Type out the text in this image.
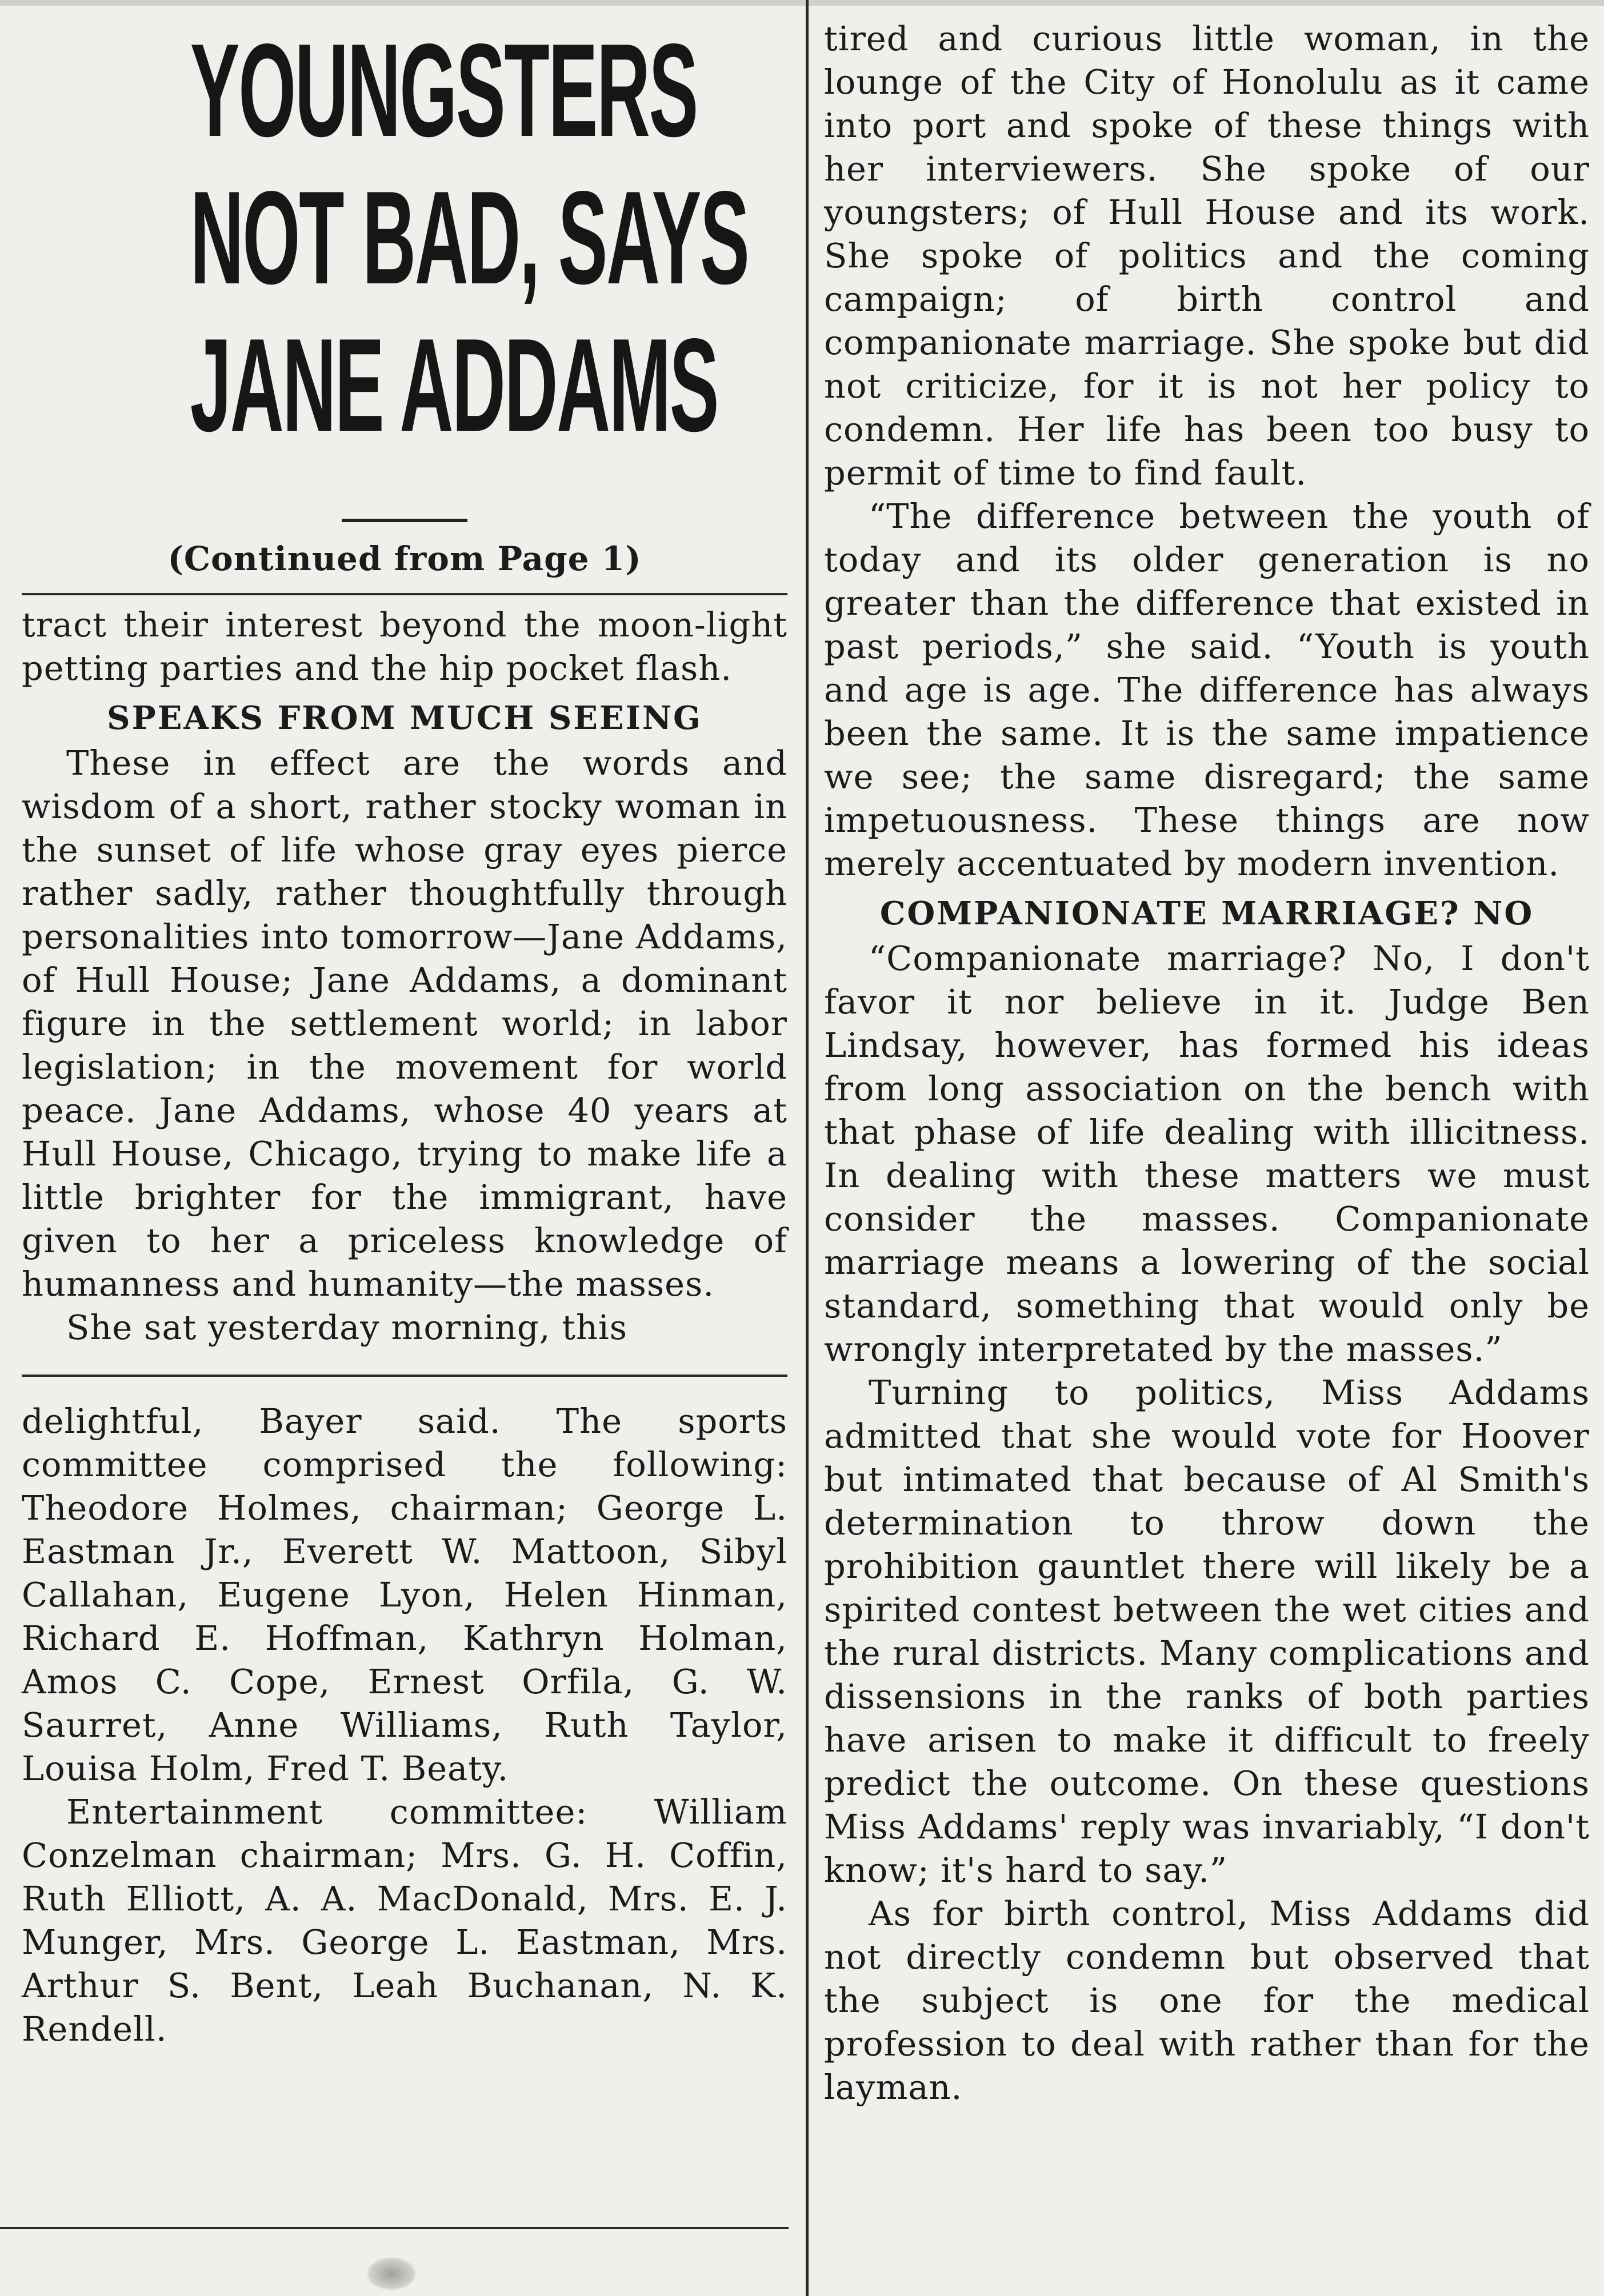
YOUNGSTERS
NOT BAD, SAYS
JANE ADDAMS
(Continued from Page 1)

tract their interest beyond the moon-light petting parties and the hip pocket flash.

SPEAKS FROM MUCH SEEING

These in effect are the words and wisdom of a short, rather stocky woman in the sunset of life whose gray eyes pierce rather sadly, rather thoughtfully through personalities into tomorrow—Jane Addams, of Hull House; Jane Addams, a dominant figure in the settlement world; in labor legislation; in the movement for world peace. Jane Addams, whose 40 years at Hull House, Chicago, trying to make life a little brighter for the immigrant, have given to her a priceless knowledge of humanness and humanity—the masses.

She sat yesterday morning, this

delightful, Bayer said. The sports committee comprised the following: Theodore Holmes, chairman; George L. Eastman Jr., Everett W. Mattoon, Sibyl Callahan, Eugene Lyon, Helen Hinman, Richard E. Hoffman, Kathryn Holman, Amos C. Cope, Ernest Orfila, G. W. Saurret, Anne Williams, Ruth Taylor, Louisa Holm, Fred T. Beaty.

Entertainment committee: William Conzelman chairman; Mrs. G. H. Coffin, Ruth Elliott, A. A. MacDonald, Mrs. E. J. Munger, Mrs. George L. Eastman, Mrs. Arthur S. Bent, Leah Buchanan, N. K. Rendell.

tired and curious little woman, in the lounge of the City of Honolulu as it came into port and spoke of these things with her interviewers. She spoke of our youngsters; of Hull House and its work. She spoke of politics and the coming campaign; of birth control and companionate marriage. She spoke but did not criticize, for it is not her policy to condemn. Her life has been too busy to permit of time to find fault.

“The difference between the youth of today and its older generation is no greater than the difference that existed in past periods,” she said. “Youth is youth and age is age. The difference has always been the same. It is the same impatience we see; the same disregard; the same impetuousness. These things are now merely accentuated by modern invention.

COMPANIONATE MARRIAGE? NO

“Companionate marriage? No, I don't favor it nor believe in it. Judge Ben Lindsay, however, has formed his ideas from long association on the bench with that phase of life dealing with illicitness. In dealing with these matters we must consider the masses. Companionate marriage means a lowering of the social standard, something that would only be wrongly interpretated by the masses.”

Turning to politics, Miss Addams admitted that she would vote for Hoover but intimated that because of Al Smith's determination to throw down the prohibition gauntlet there will likely be a spirited contest between the wet cities and the rural districts. Many complications and dissensions in the ranks of both parties have arisen to make it difficult to freely predict the outcome. On these questions Miss Addams' reply was invariably, “I don't know; it's hard to say.”

As for birth control, Miss Addams did not directly condemn but observed that the subject is one for the medical profession to deal with rather than for the layman.
